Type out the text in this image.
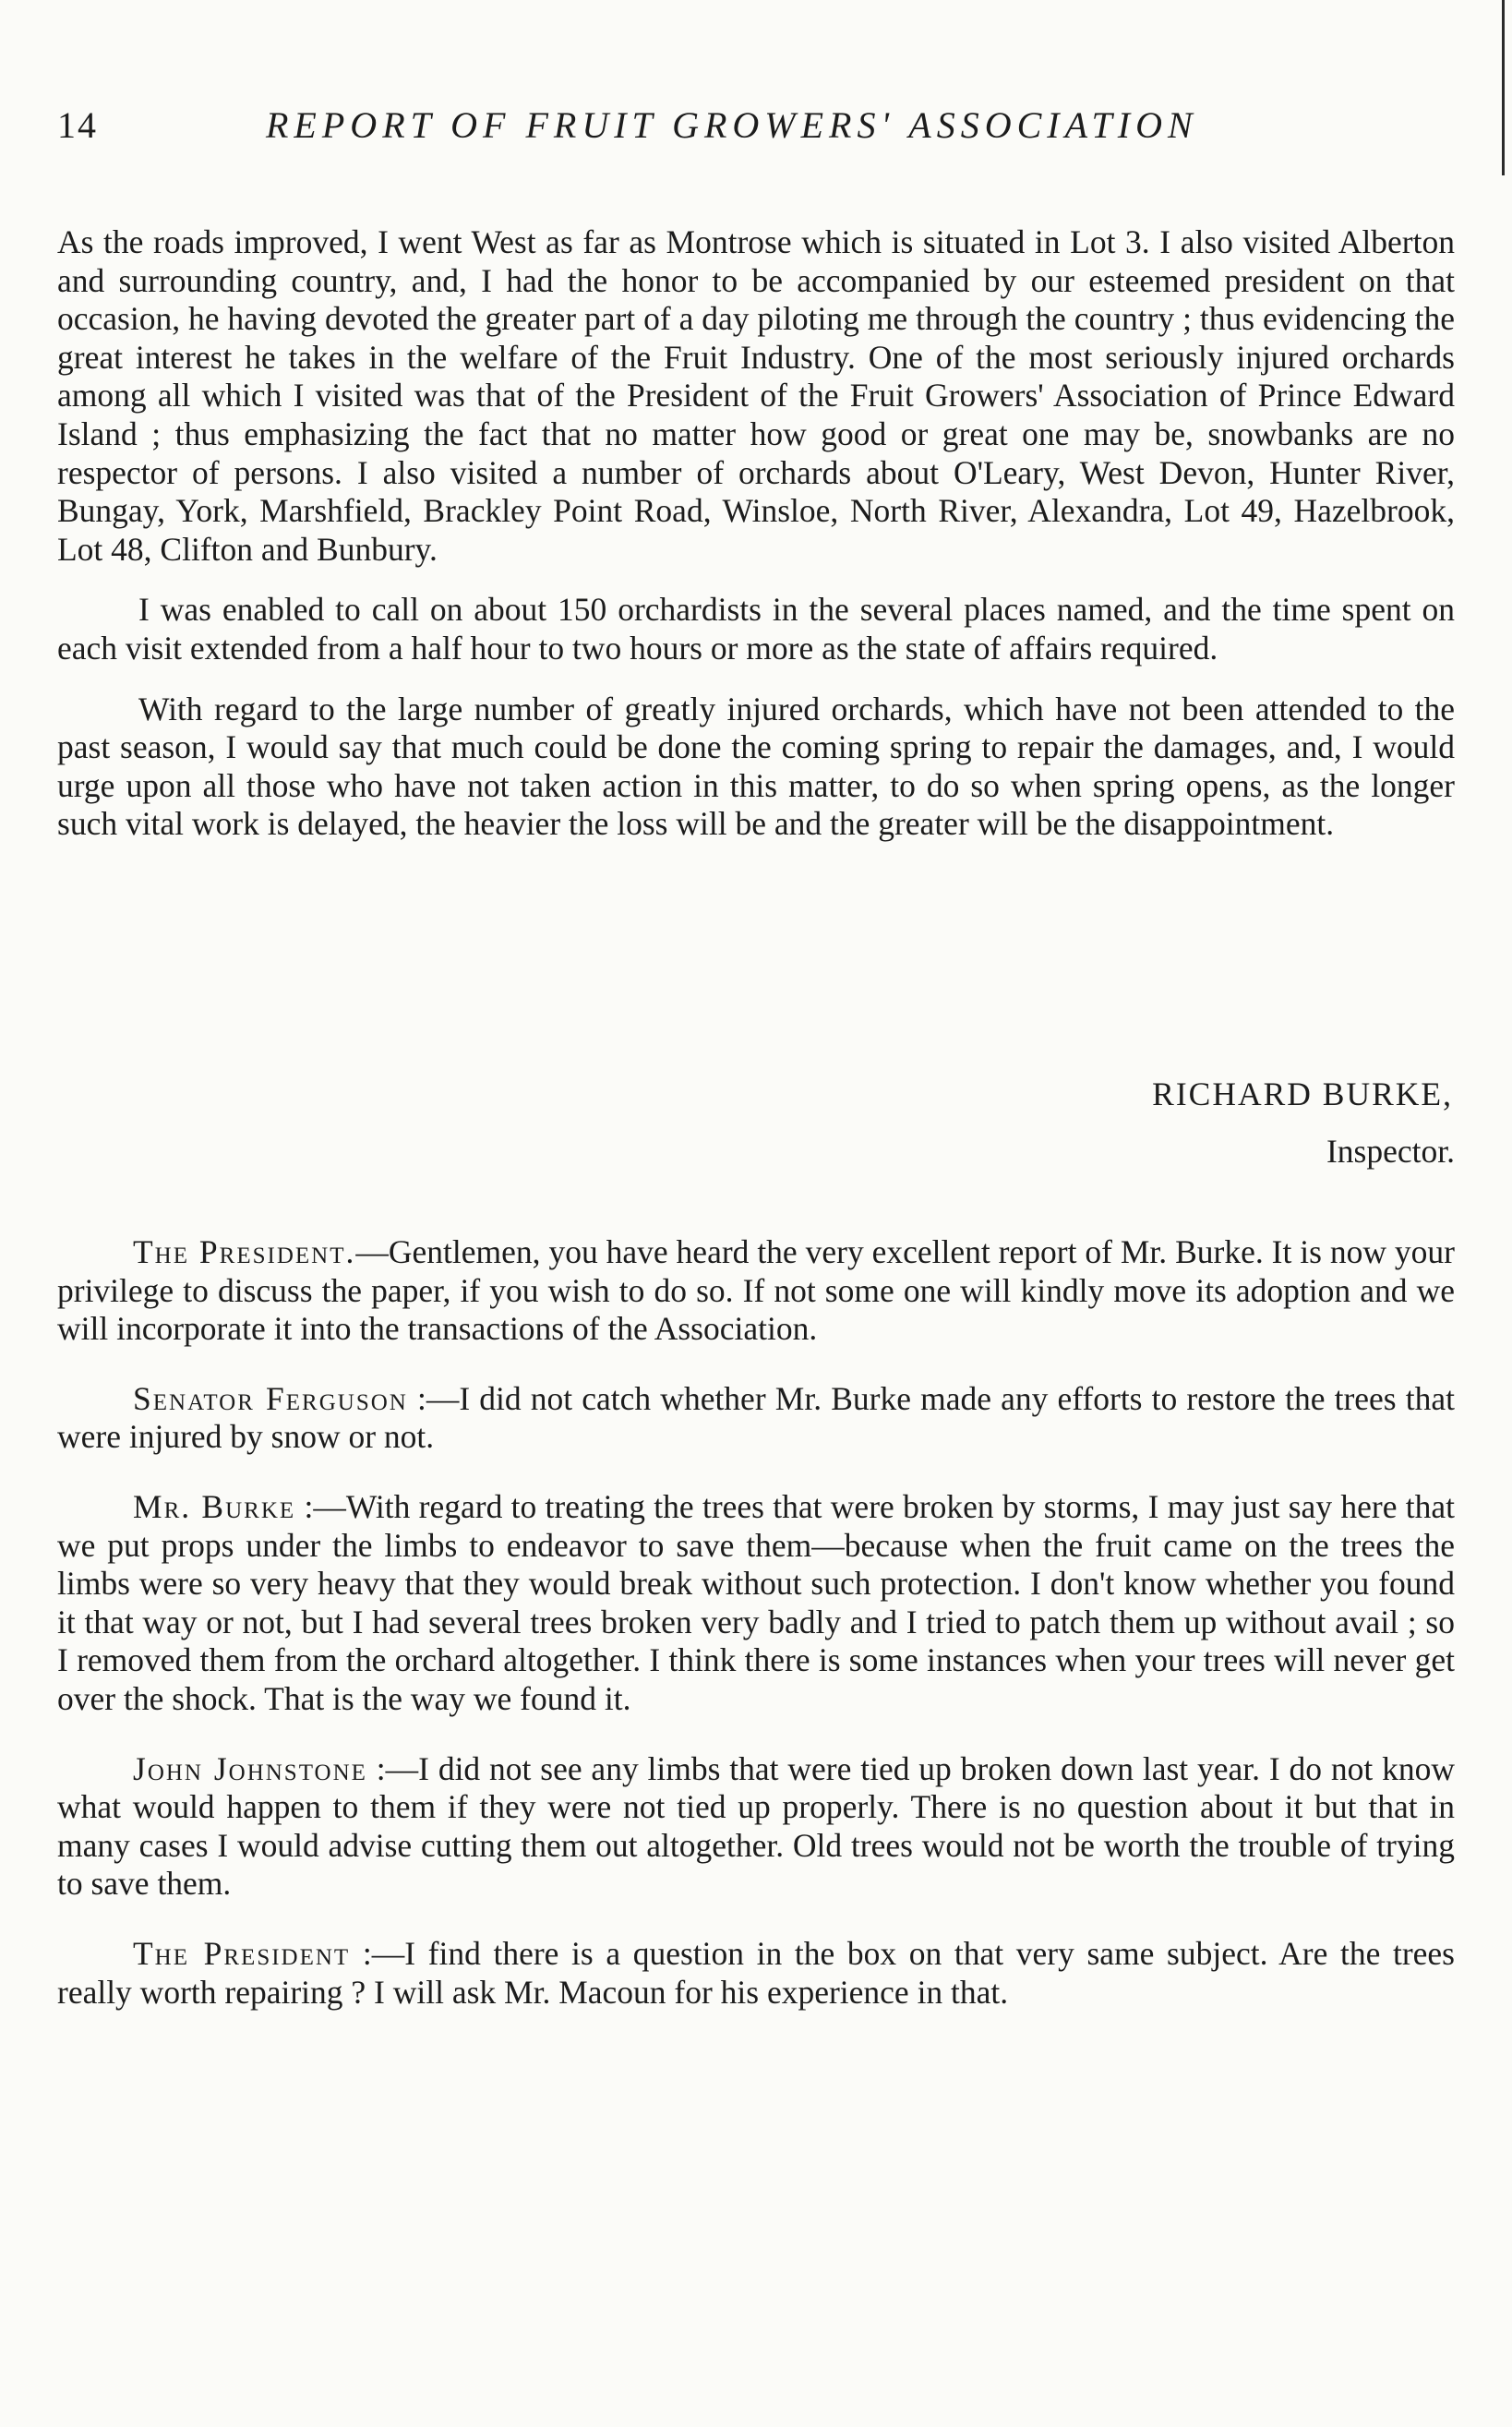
14	REPORT OF FRUIT GROWERS' ASSOCIATION

As the roads improved, I went West as far as Montrose which is situated in Lot 3. I also visited Alberton and surrounding country, and, I had the honor to be accompanied by our esteemed president on that occasion, he having devoted the greater part of a day piloting me through the country ; thus evidencing the great interest he takes in the welfare of the Fruit Industry. One of the most seriously injured orchards among all which I visited was that of the President of the Fruit Growers' Association of Prince Edward Island ; thus emphasizing the fact that no matter how good or great one may be, snowbanks are no respector of persons. I also visited a number of orchards about O'Leary, West Devon, Hunter River, Bungay, York, Marshfield, Brackley Point Road, Winsloe, North River, Alexandra, Lot 49, Hazelbrook, Lot 48, Clifton and Bunbury.

I was enabled to call on about 150 orchardists in the several places named, and the time spent on each visit extended from a half hour to two hours or more as the state of affairs required.

With regard to the large number of greatly injured orchards, which have not been attended to the past season, I would say that much could be done the coming spring to repair the damages, and, I would urge upon all those who have not taken action in this matter, to do so when spring opens, as the longer such vital work is delayed, the heavier the loss will be and the greater will be the disappointment.

RICHARD BURKE,
Inspector.

The President.—Gentlemen, you have heard the very excellent report of Mr. Burke. It is now your privilege to discuss the paper, if you wish to do so. If not some one will kindly move its adoption and we will incorporate it into the transactions of the Association.

Senator Ferguson :—I did not catch whether Mr. Burke made any efforts to restore the trees that were injured by snow or not.

Mr. Burke :—With regard to treating the trees that were broken by storms, I may just say here that we put props under the limbs to endeavor to save them—because when the fruit came on the trees the limbs were so very heavy that they would break without such protection. I don't know whether you found it that way or not, but I had several trees broken very badly and I tried to patch them up without avail ; so I removed them from the orchard altogether. I think there is some instances when your trees will never get over the shock. That is the way we found it.

John Johnstone :—I did not see any limbs that were tied up broken down last year. I do not know what would happen to them if they were not tied up properly. There is no question about it but that in many cases I would advise cutting them out altogether. Old trees would not be worth the trouble of trying to save them.

The President :—I find there is a question in the box on that very same subject. Are the trees really worth repairing ? I will ask Mr. Macoun for his experience in that.
